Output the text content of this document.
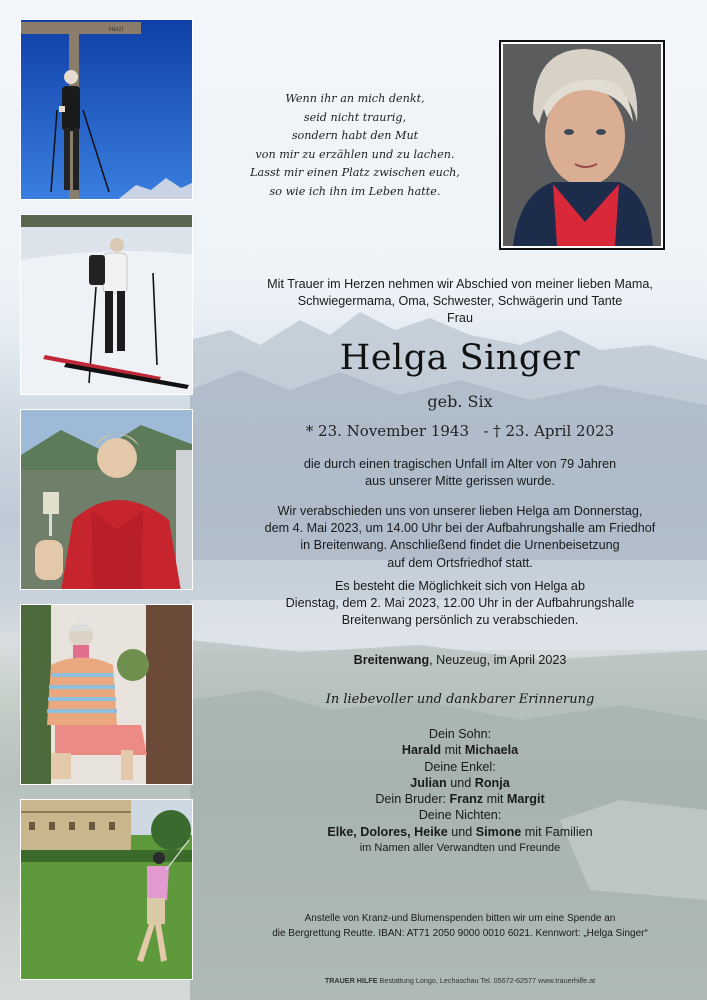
Herzl
Wenn ihr an mich denkt,
seid nicht traurig,
sondern habt den Mut
von mir zu erzählen und zu lachen.
Lasst mir einen Platz zwischen euch,
so wie ich ihn im Leben hatte.
Mit Trauer im Herzen nehmen wir Abschied von meiner lieben Mama,
Schwiegermama, Oma, Schwester, Schwägerin und Tante
Frau
Helga Singer
geb. Six
* 23. November 1943 - † 23. April 2023
die durch einen tragischen Unfall im Alter von 79 Jahren
aus unserer Mitte gerissen wurde.
Wir verabschieden uns von unserer lieben Helga am Donnerstag,
dem 4. Mai 2023, um 14.00 Uhr bei der Aufbahrungshalle am Friedhof
in Breitenwang. Anschließend findet die Urnenbeisetzung
auf dem Ortsfriedhof statt.
Es besteht die Möglichkeit sich von Helga ab
Dienstag, dem 2. Mai 2023, 12.00 Uhr in der Aufbahrungshalle
Breitenwang persönlich zu verabschieden.
Breitenwang, Neuzeug, im April 2023
In liebevoller und dankbarer Erinnerung
Dein Sohn:
Harald mit Michaela
Deine Enkel:
Julian und Ronja
Dein Bruder: Franz mit Margit
Deine Nichten:
Elke, Dolores, Heike und Simone mit Familien
im Namen aller Verwandten und Freunde
Anstelle von Kranz-und Blumenspenden bitten wir um eine Spende an
die Bergrettung Reutte. IBAN: AT71 2050 9000 0010 6021. Kennwort: „Helga Singer“
TRAUER HILFE Bestattung Longo, Lechaschau Tel. 05672-62577 www.trauerhilfe.at
